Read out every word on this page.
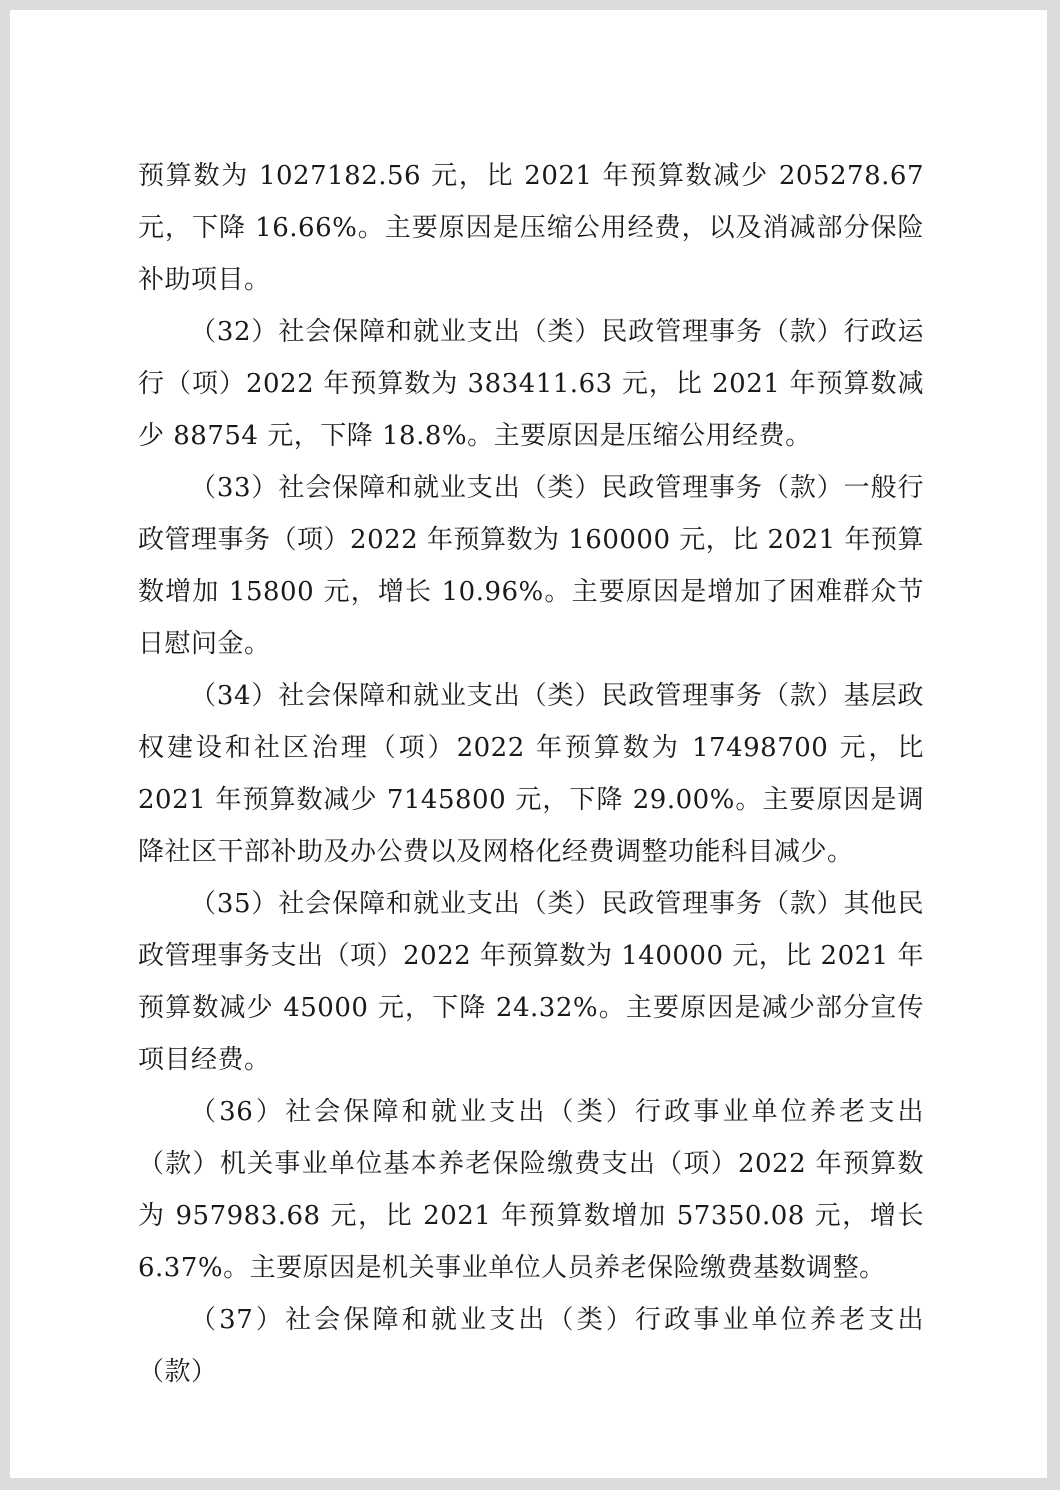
预算数为 1027182.56 元，比 2021 年预算数减少 205278.67 元，下降 16.66%。主要原因是压缩公用经费，以及消减部分保险补助项目。

（32）社会保障和就业支出（类）民政管理事务（款）行政运行（项）2022 年预算数为 383411.63 元，比 2021 年预算数减少 88754 元，下降 18.8%。主要原因是压缩公用经费。

（33）社会保障和就业支出（类）民政管理事务（款）一般行政管理事务（项）2022 年预算数为 160000 元，比 2021 年预算数增加 15800 元，增长 10.96%。主要原因是增加了困难群众节日慰问金。

（34）社会保障和就业支出（类）民政管理事务（款）基层政权建设和社区治理（项）2022 年预算数为 17498700 元，比 2021 年预算数减少 7145800 元，下降 29.00%。主要原因是调降社区干部补助及办公费以及网格化经费调整功能科目减少。

（35）社会保障和就业支出（类）民政管理事务（款）其他民政管理事务支出（项）2022 年预算数为 140000 元，比 2021 年预算数减少 45000 元，下降 24.32%。主要原因是减少部分宣传项目经费。

（36）社会保障和就业支出（类）行政事业单位养老支出（款）机关事业单位基本养老保险缴费支出（项）2022 年预算数为 957983.68 元，比 2021 年预算数增加 57350.08 元，增长 6.37%。主要原因是机关事业单位人员养老保险缴费基数调整。

（37）社会保障和就业支出（类）行政事业单位养老支出（款）
